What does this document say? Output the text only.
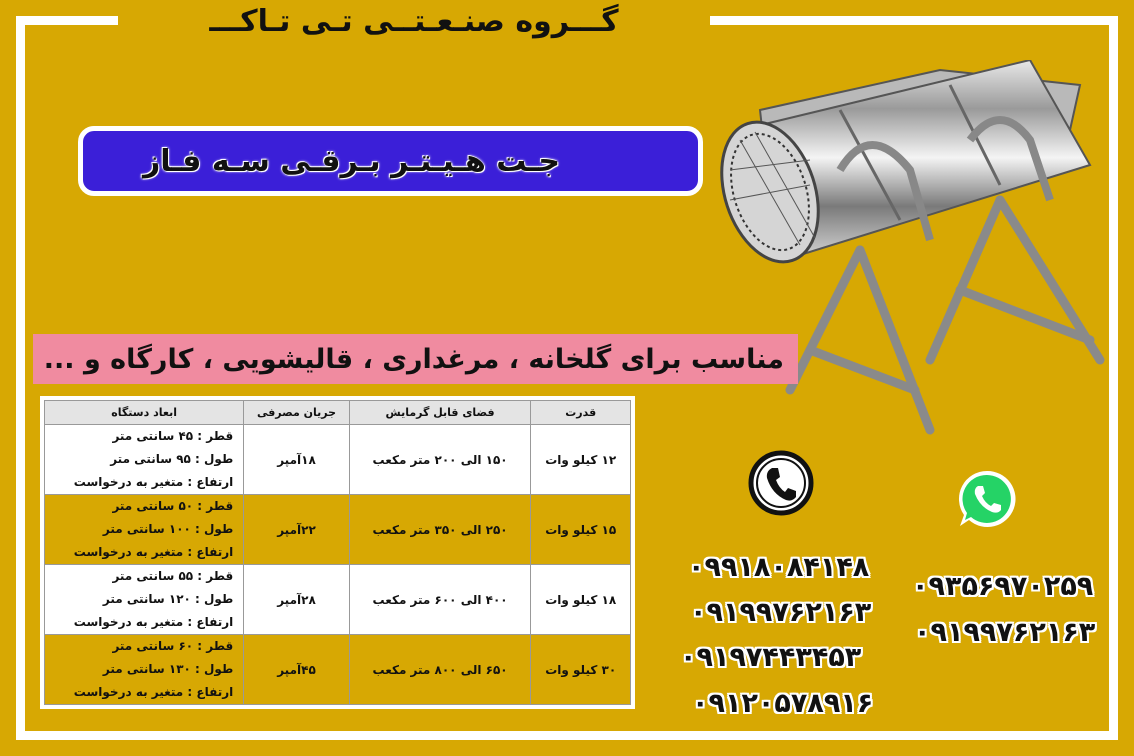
گـــروه صنـعـتــی تـی تـاکـــ
جـت هـیـتـر بـرقـی سـه فـاز
مناسب برای گلخانه ، مرغداری ، قالیشویی ، کارگاه و ...
قدرت	فضای قابل گرمایش	جریان مصرفی	ابعاد دستگاه
۱۲ کیلو وات	۱۵۰ الی ۲۰۰ متر مکعب	۱۸آمپر	قطر : ۴۵ سانتی متر
طول : ۹۵ سانتی متر
ارتفاع : متغیر به درخواست

۱۵ کیلو وات	۲۵۰ الی ۳۵۰ متر مکعب	۲۲آمپر	قطر : ۵۰ سانتی متر
طول : ۱۰۰ سانتی متر
ارتفاع : متغیر به درخواست

۱۸ کیلو وات	۴۰۰ الی ۶۰۰ متر مکعب	۲۸آمپر	قطر : ۵۵ سانتی متر
طول : ۱۲۰ سانتی متر
ارتفاع : متغیر به درخواست

۳۰ کیلو وات	۶۵۰ الی ۸۰۰ متر مکعب	۴۵آمپر	قطر : ۶۰ سانتی متر
طول : ۱۳۰ سانتی متر
ارتفاع : متغیر به درخواست
۰۹۹۱۸۰۸۴۱۴۸
۰۹۱۹۹۷۶۲۱۶۳
۰۹۱۹۷۴۴۳۴۵۳
۰۹۱۲۰۵۷۸۹۱۶
۰۹۳۵۶۹۷۰۲۵۹
۰۹۱۹۹۷۶۲۱۶۳
